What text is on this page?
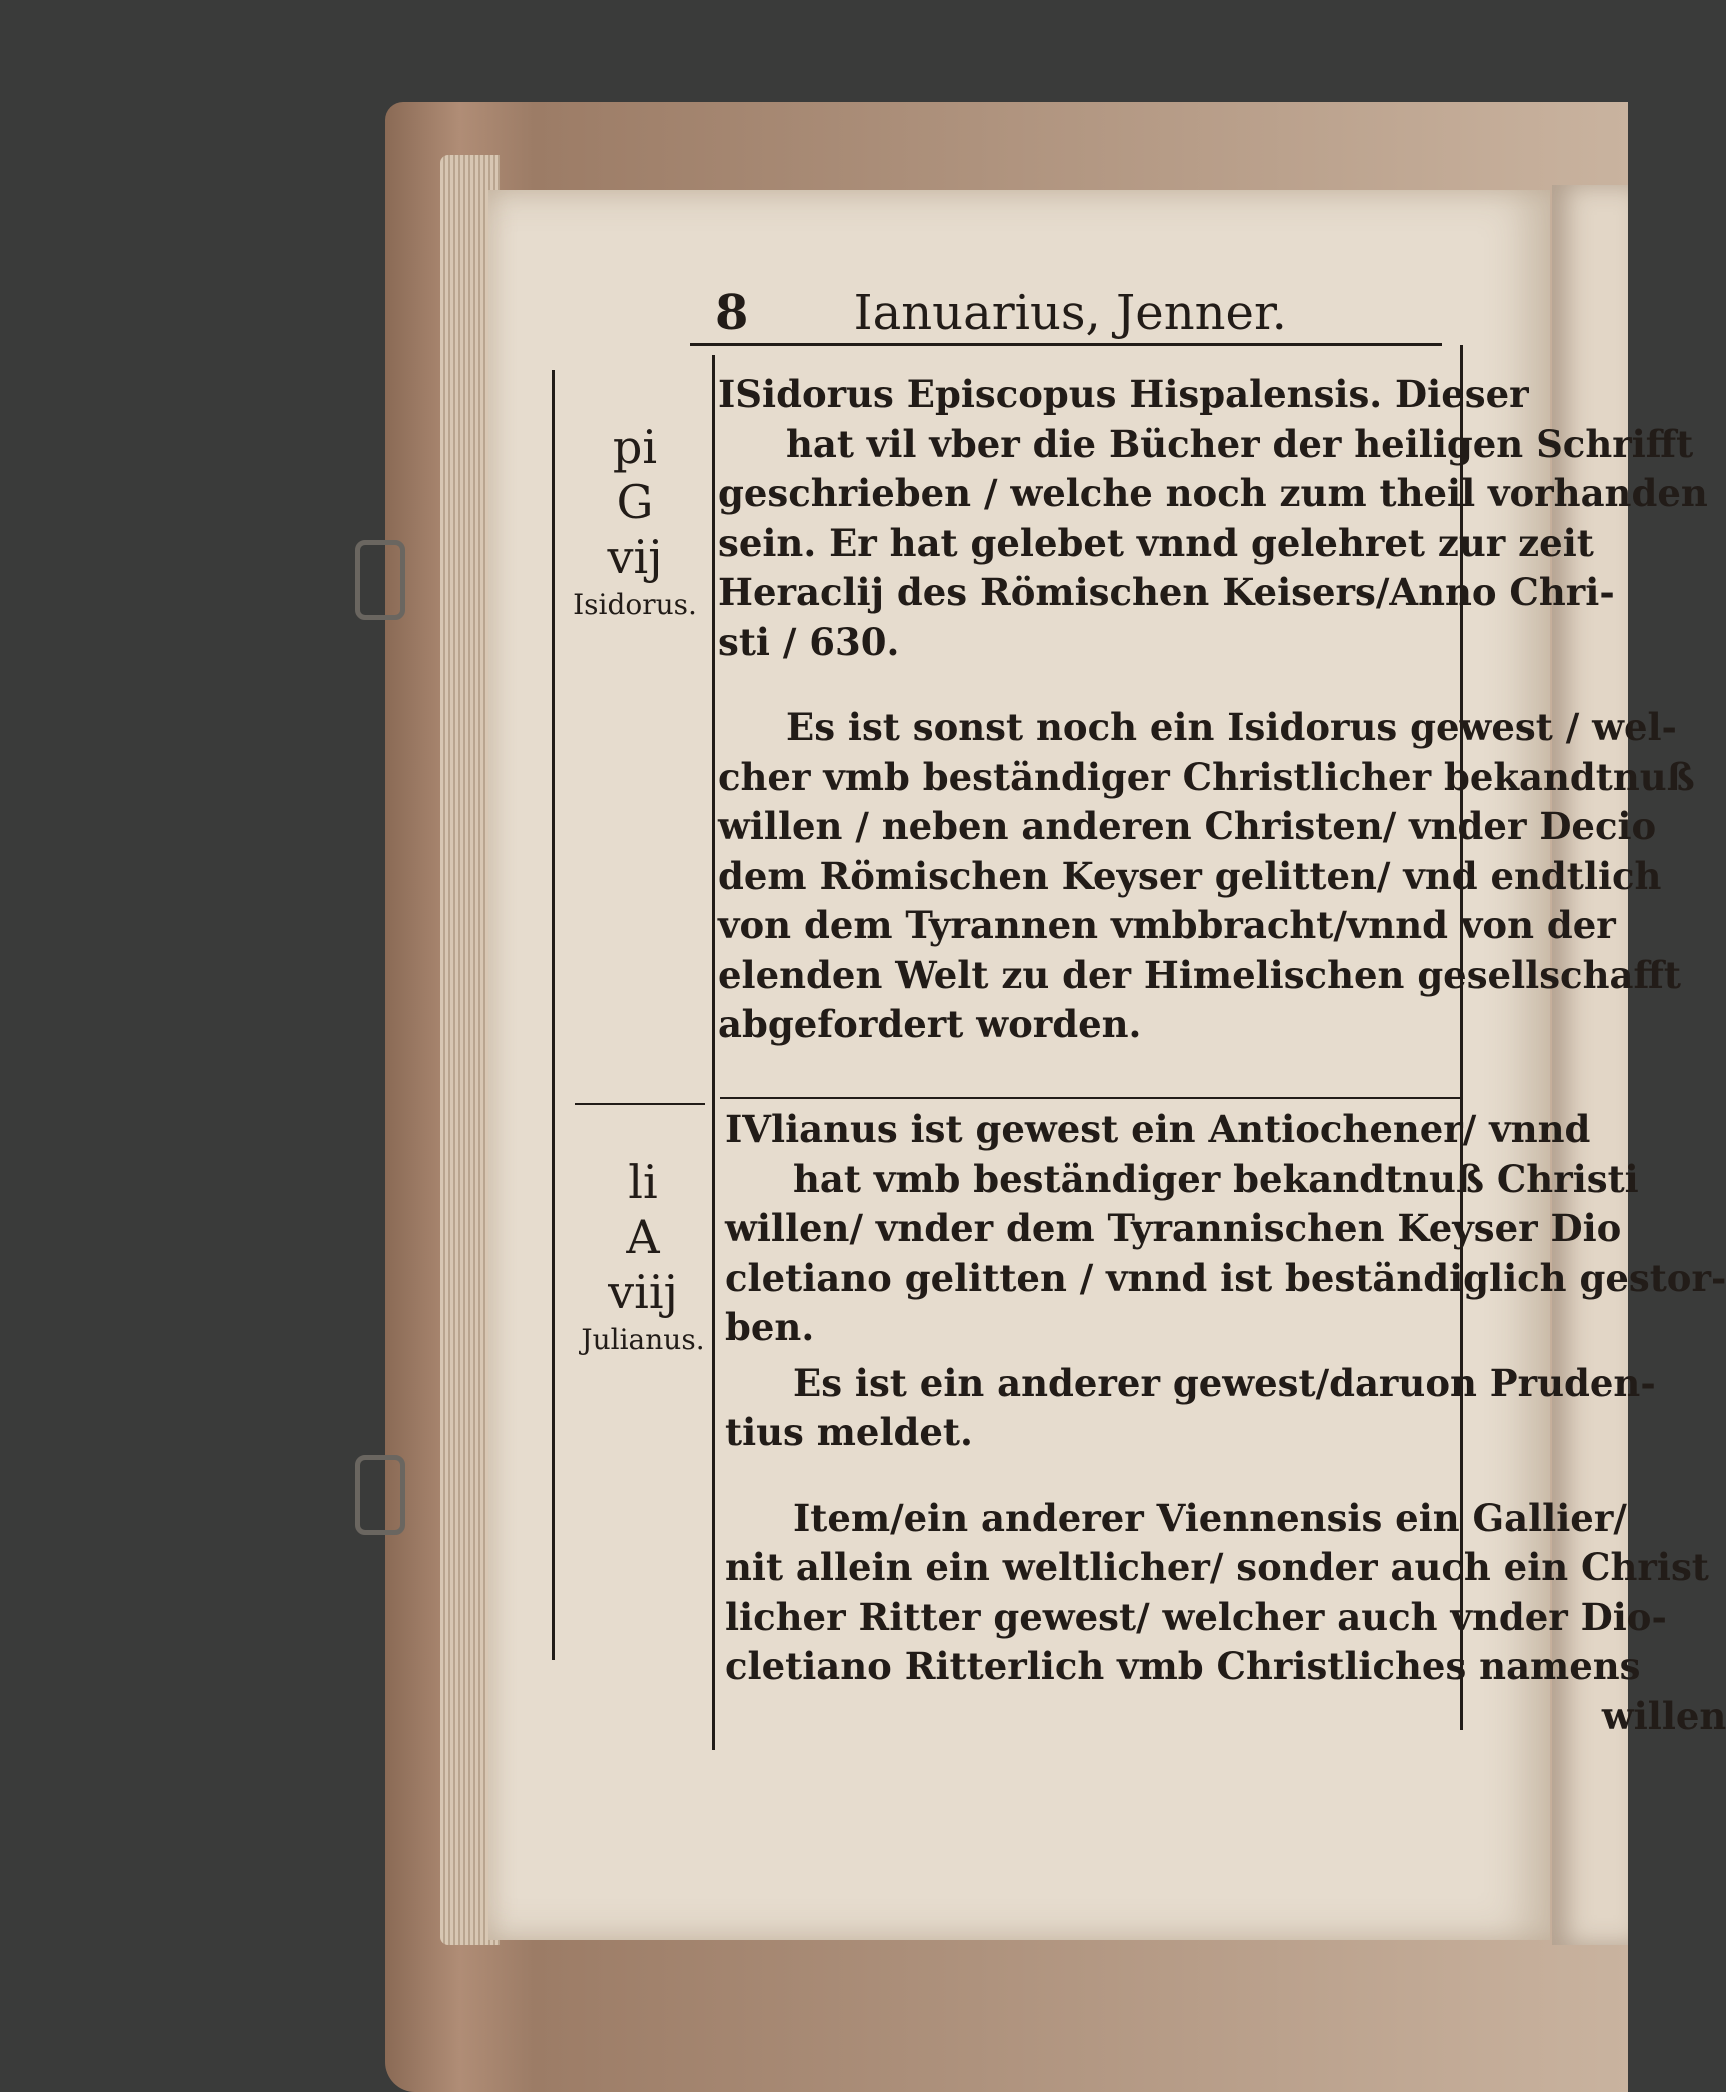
8 Ianuarius, Jenner.
pi
G
vij
Isidorus.

ISidorus Episcopus Hispalensis. Dieser

hat vil vber die Bücher der heiligen Schrifft

geschrieben / welche noch zum theil vorhanden

sein. Er hat gelebet vnnd gelehret zur zeit

Heraclij des Römischen Keisers/Anno Chri-

sti / 630.

Es ist sonst noch ein Isidorus gewest / wel-

cher vmb beständiger Christlicher bekandtnuß

willen / neben anderen Christen/ vnder Decio

dem Römischen Keyser gelitten/ vnd endtlich

von dem Tyrannen vmbbracht/vnnd von der

elenden Welt zu der Himelischen gesellschafft

abgefordert worden.

li
A
viij
Julianus.

IVlianus ist gewest ein Antiochener/ vnnd

hat vmb beständiger bekandtnuß Christi

willen/ vnder dem Tyrannischen Keyser Dio

cletiano gelitten / vnnd ist beständiglich gestor-

ben.

Es ist ein anderer gewest/daruon Pruden-

tius meldet.

Item/ein anderer Viennensis ein Gallier/

nit allein ein weltlicher/ sonder auch ein Christ

licher Ritter gewest/ welcher auch vnder Dio-

cletiano Ritterlich vmb Christliches namens

willen
